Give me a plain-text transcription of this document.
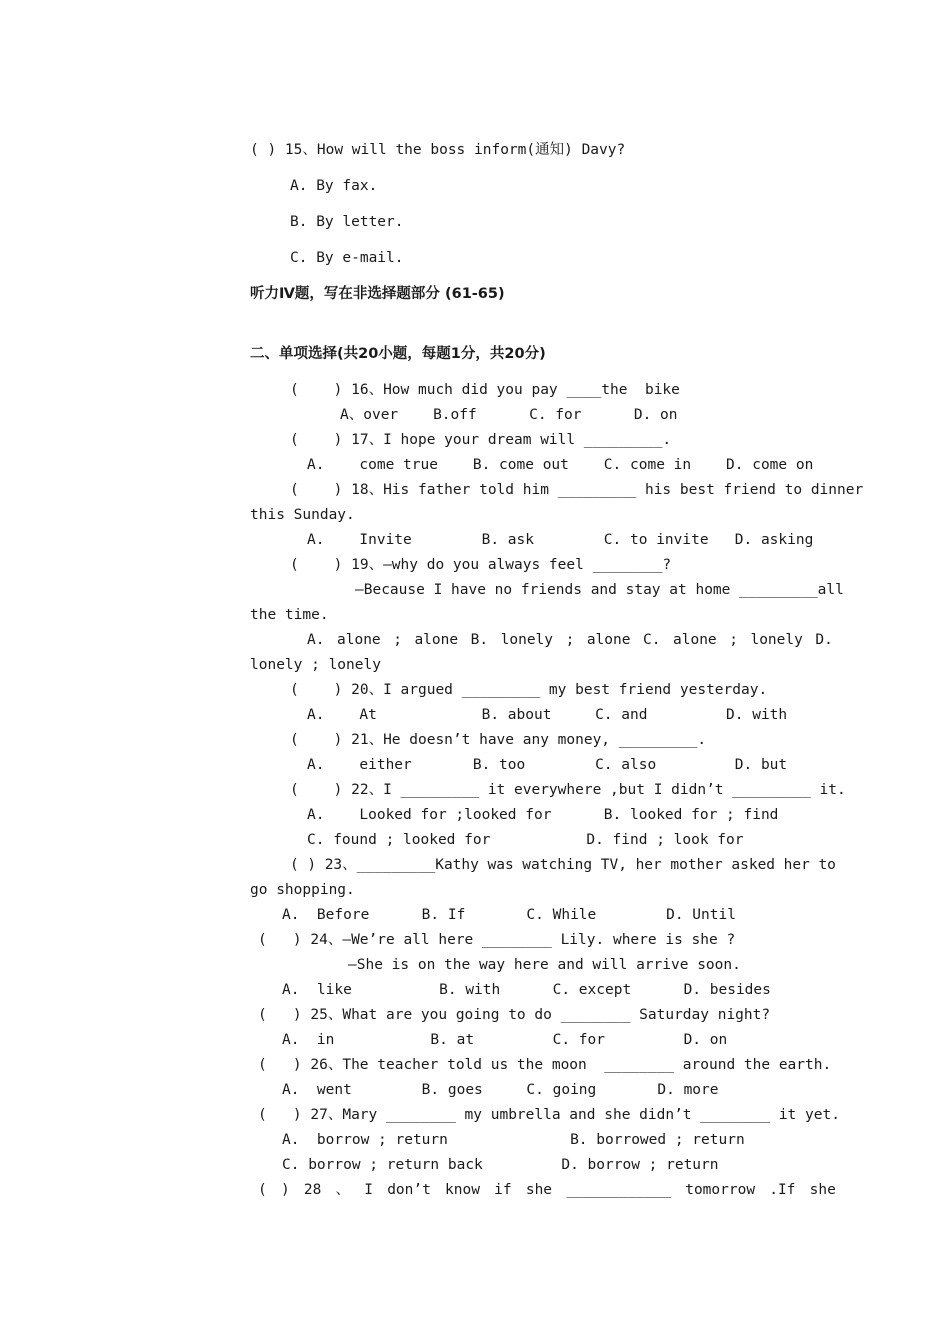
( ) 15、How will the boss inform(通知) Davy?
A. By fax.
B. By letter.
C. By e-mail.
听力Ⅳ题，写在非选择题部分 (61-65)
二、单项选择(共20小题，每题1分，共20分)
(    ) 16、How much did you pay ____the  bike
A、over    B.off      C. for      D. on
(    ) 17、I hope your dream will _________.
A.    come true    B. come out    C. come in    D. come on
(    ) 18、His father told him _________ his best friend to dinner
this Sunday.
A.    Invite        B. ask        C. to invite   D. asking
(    ) 19、—why do you always feel ________?
—Because I have no friends and stay at home _________all
the time.
A. alone ; alone B. lonely ; alone C. alone ; lonely D.
lonely ; lonely
(    ) 20、I argued _________ my best friend yesterday.
A.    At            B. about     C. and         D. with
(    ) 21、He doesn’t have any money, _________.
A.    either       B. too        C. also         D. but
(    ) 22、I _________ it everywhere ,but I didn’t _________ it.
A.    Looked for ;looked for      B. looked for ; find
C. found ; looked for           D. find ; look for
( ) 23、_________Kathy was watching TV, her mother asked her to
go shopping.
A.  Before      B. If       C. While        D. Until
(   ) 24、—We’re all here ________ Lily. where is she ?
—She is on the way here and will arrive soon.
A.  like          B. with      C. except      D. besides
(   ) 25、What are you going to do ________ Saturday night?
A.  in           B. at         C. for         D. on
(   ) 26、The teacher told us the moon  ________ around the earth.
A.  went        B. goes     C. going       D. more
(   ) 27、Mary ________ my umbrella and she didn’t ________ it yet.
A.  borrow ; return              B. borrowed ; return
C. borrow ; return back         D. borrow ; return
( ) 28 、 I don’t know if she ____________ tomorrow .If she
